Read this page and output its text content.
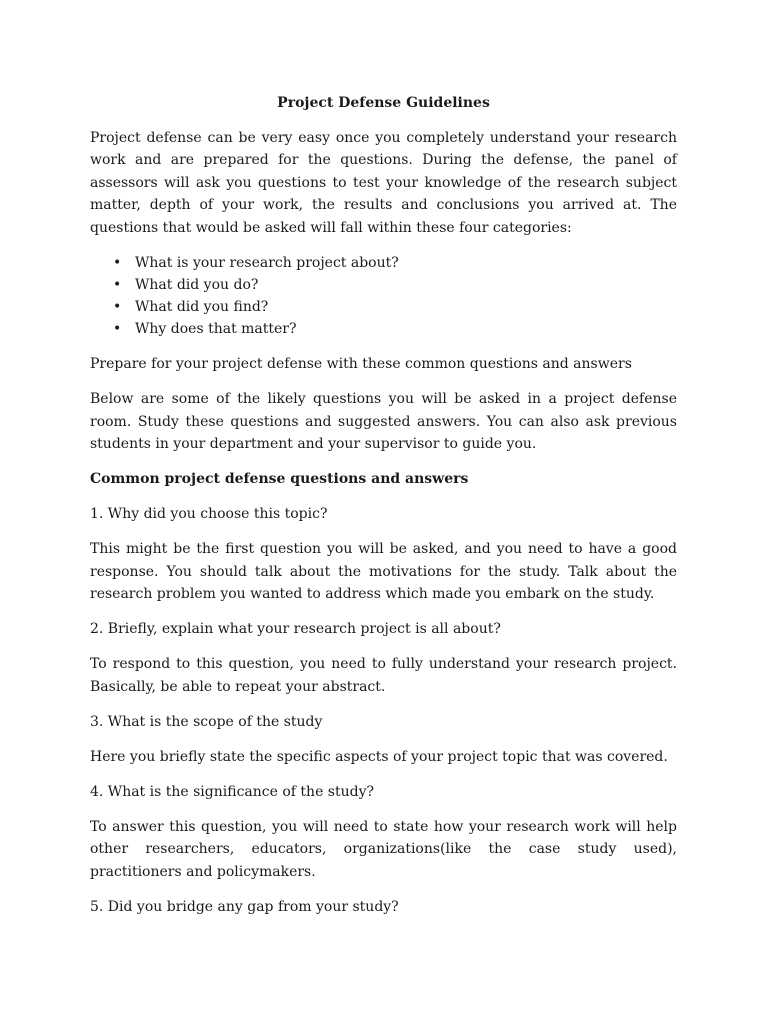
Project Defense Guidelines

Project defense can be very easy once you completely understand your research work and are prepared for the questions. During the defense, the panel of assessors will ask you questions to test your knowledge of the research subject matter, depth of your work, the results and conclusions you arrived at. The questions that would be asked will fall within these four categories:

• What is your research project about?
• What did you do?
• What did you find?
• Why does that matter?

Prepare for your project defense with these common questions and answers

Below are some of the likely questions you will be asked in a project defense room. Study these questions and suggested answers. You can also ask previous students in your department and your supervisor to guide you.

Common project defense questions and answers

1. Why did you choose this topic?

This might be the first question you will be asked, and you need to have a good response. You should talk about the motivations for the study. Talk about the research problem you wanted to address which made you embark on the study.

2. Briefly, explain what your research project is all about?

To respond to this question, you need to fully understand your research project. Basically, be able to repeat your abstract.

3. What is the scope of the study

Here you briefly state the specific aspects of your project topic that was covered.

4. What is the significance of the study?

To answer this question, you will need to state how your research work will help other researchers, educators, organizations(like the case study used), practitioners and policymakers.

5. Did you bridge any gap from your study?
